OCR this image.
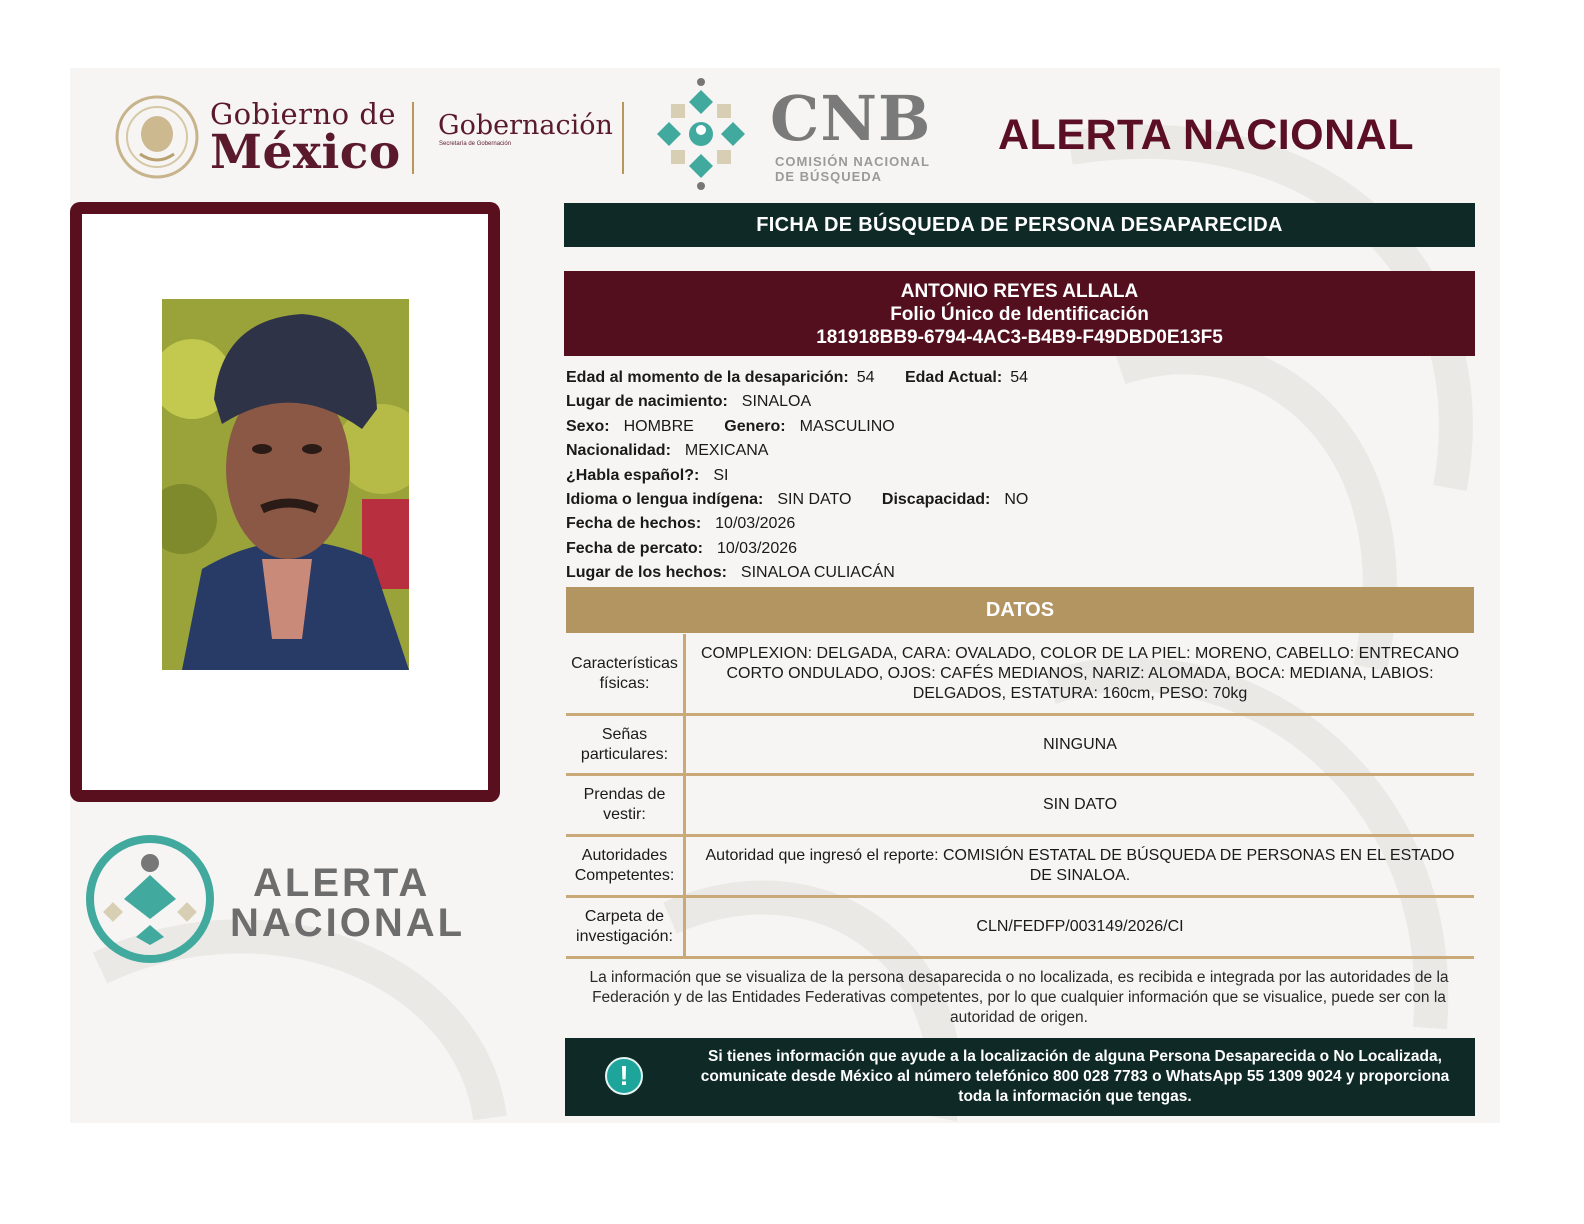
Gobierno de
México Gobernación
Secretaría de Gobernación	CNB
COMISIÓN NACIONAL
DE BÚSQUEDA
ALERTA NACIONAL
ALERTA
NACIONAL
FICHA DE BÚSQUEDA DE PERSONA DESAPARECIDA
ANTONIO REYES ALLALA
Folio Único de Identificación
181918BB9-6794-4AC3-B4B9-F49DBD0E13F5
Edad al momento de la desaparición: 54 Edad Actual: 54
Lugar de nacimiento: SINALOA
Sexo: HOMBRE Genero: MASCULINO
Nacionalidad: MEXICANA
¿Habla español?: SI
Idioma o lengua indígena: SIN DATO Discapacidad: NO
Fecha de hechos: 10/03/2026
Fecha de percato: 10/03/2026
Lugar de los hechos: SINALOA CULIACÁN
DATOS
Características físicas:
COMPLEXION: DELGADA, CARA: OVALADO, COLOR DE LA PIEL: MORENO, CABELLO: ENTRECANO CORTO ONDULADO, OJOS: CAFÉS MEDIANOS, NARIZ: ALOMADA, BOCA: MEDIANA, LABIOS: DELGADOS, ESTATURA: 160cm, PESO: 70kg
Señas particulares:
NINGUNA
Prendas de vestir:
SIN DATO
Autoridades Competentes:
Autoridad que ingresó el reporte: COMISIÓN ESTATAL DE BÚSQUEDA DE PERSONAS EN EL ESTADO DE SINALOA.
Carpeta de investigación:
CLN/FEDFP/003149/2026/CI
La información que se visualiza de la persona desaparecida o no localizada, es recibida e integrada por las autoridades de la Federación y de las Entidades Federativas competentes, por lo que cualquier información que se visualice, puede ser con la autoridad de origen.
!
Si tienes información que ayude a la localización de alguna Persona Desaparecida o No Localizada, comunicate desde México al número telefónico 800 028 7783 o WhatsApp 55 1309 9024 y proporciona toda la información que tengas.
